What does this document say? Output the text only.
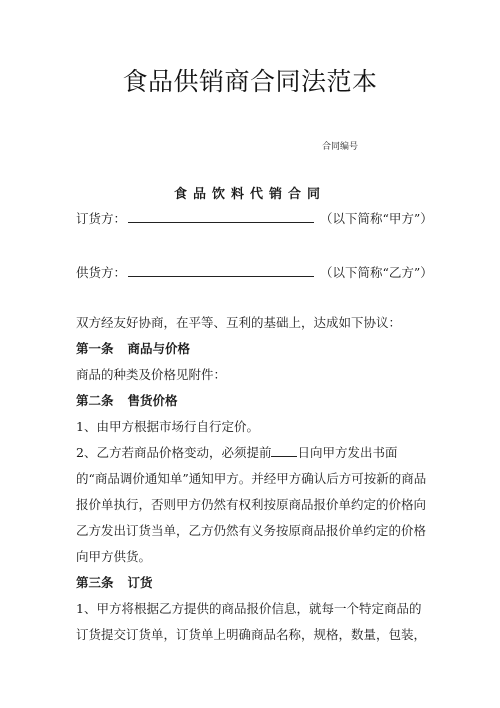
食品供销商合同法范本
合同编号
食品饮料代销合同
订货方：	（以下简称“甲方”）
供货方：	（以下简称“乙方”）

双方经友好协商，在平等、互利的基础上，达成如下协议：

第一条 商品与价格

商品的种类及价格见附件：

第二条 售货价格

1、由甲方根据市场行自行定价。

2、乙方若商品价格变动，必须提前 日向甲方发出书面的“商品调价通知单”通知甲方。并经甲方确认后方可按新的商品报价单执行，否则甲方仍然有权利按原商品报价单约定的价格向乙方发出订货当单，乙方仍然有义务按原商品报价单约定的价格向甲方供货。

第三条 订货

1、甲方将根据乙方提供的商品报价信息，就每一个特定商品的订货提交订货单，订货单上明确商品名称，规格，数量，包装，
